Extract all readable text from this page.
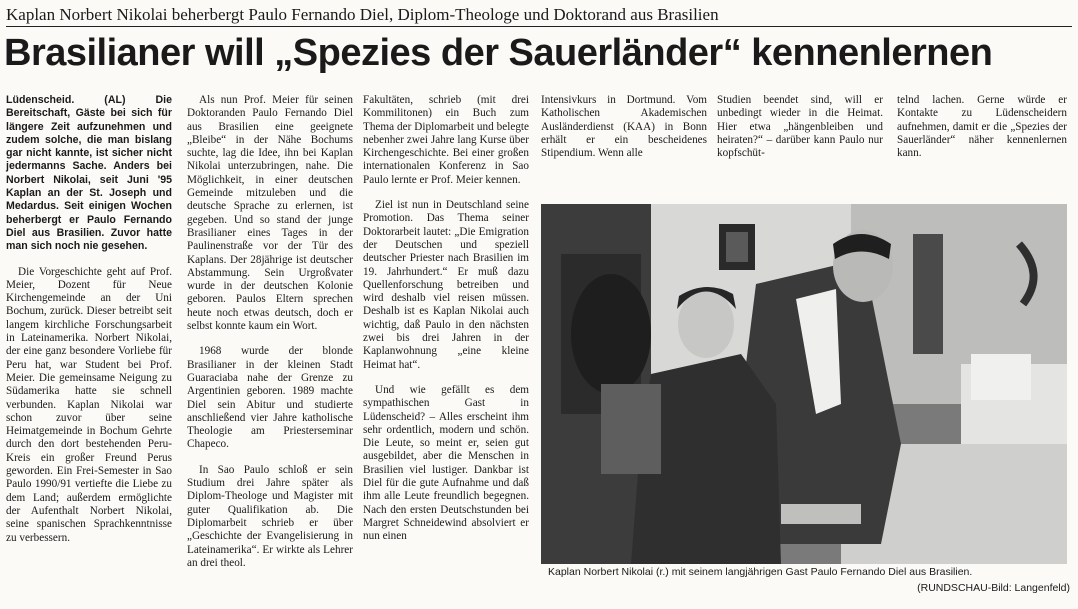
Kaplan Norbert Nikolai beherbergt Paulo Fernando Diel, Diplom-Theologe und Doktorand aus Brasilien
Brasilianer will „Spezies der Sauerländer“ kennenlernen

Lüdenscheid. (AL) Die Bereitschaft, Gäste bei sich für längere Zeit aufzunehmen und zudem solche, die man bislang gar nicht kannte, ist sicher nicht jedermanns Sache. Anders bei Norbert Nikolai, seit Juni '95 Kaplan an der St. Joseph und Medardus. Seit einigen Wochen beherbergt er Paulo Fernando Diel aus Brasilien. Zuvor hatte man sich noch nie gesehen.

Die Vorgeschichte geht auf Prof. Meier, Dozent für Neue Kirchengemeinde an der Uni Bochum, zurück. Dieser betreibt seit langem kirchliche Forschungsarbeit in Lateinamerika. Norbert Nikolai, der eine ganz besondere Vorliebe für Peru hat, war Student bei Prof. Meier. Die gemeinsame Neigung zu Südamerika hatte sie schnell verbunden. Kaplan Nikolai war schon zuvor über seine Heimatgemeinde in Bochum Gehrte durch den dort bestehenden Peru-Kreis ein großer Freund Perus geworden. Ein Frei-Semester in Sao Paulo 1990/91 vertiefte die Liebe zu dem Land; außerdem ermöglichte der Aufenthalt Norbert Nikolai, seine spanischen Sprachkenntnisse zu verbessern.

Als nun Prof. Meier für seinen Doktoranden Paulo Fernando Diel aus Brasilien eine geeignete „Bleibe“ in der Nähe Bochums suchte, lag die Idee, ihn bei Kaplan Nikolai unterzubringen, nahe. Die Möglichkeit, in einer deutschen Gemeinde mitzuleben und die deutsche Sprache zu erlernen, ist gegeben. Und so stand der junge Brasilianer eines Tages in der Paulinenstraße vor der Tür des Kaplans. Der 28jährige ist deutscher Abstammung. Sein Urgroßvater wurde in der deutschen Kolonie geboren. Paulos Eltern sprechen heute noch etwas deutsch, doch er selbst konnte kaum ein Wort.

1968 wurde der blonde Brasilianer in der kleinen Stadt Guaraciaba nahe der Grenze zu Argentinien geboren. 1989 machte Diel sein Abitur und studierte anschließend vier Jahre katholische Theologie am Priesterseminar Chapeco.

In Sao Paulo schloß er sein Studium drei Jahre später als Diplom-Theologe und Magister mit guter Qualifikation ab. Die Diplomarbeit schrieb er über „Geschichte der Evangelisierung in Lateinamerika“. Er wirkte als Lehrer an drei theol.

Fakultäten, schrieb (mit drei Kommilitonen) ein Buch zum Thema der Diplomarbeit und belegte nebenher zwei Jahre lang Kurse über Kirchengeschichte. Bei einer großen internationalen Konferenz in Sao Paulo lernte er Prof. Meier kennen.

Ziel ist nun in Deutschland seine Promotion. Das Thema seiner Doktorarbeit lautet: „Die Emigration der Deutschen und speziell deutscher Priester nach Brasilien im 19. Jahrhundert.“ Er muß dazu Quellenforschung betreiben und wird deshalb viel reisen müssen. Deshalb ist es Kaplan Nikolai auch wichtig, daß Paulo in den nächsten zwei bis drei Jahren in der Kaplanwohnung „eine kleine Heimat hat“.

Und wie gefällt es dem sympathischen Gast in Lüdenscheid? – Alles erscheint ihm sehr ordentlich, modern und schön. Die Leute, so meint er, seien gut ausgebildet, aber die Menschen in Brasilien viel lustiger. Dankbar ist Diel für die gute Aufnahme und daß ihm alle Leute freundlich begegnen. Nach den ersten Deutschstunden bei Margret Schneidewind absolviert er nun einen

Intensivkurs in Dortmund. Vom Katholischen Akademischen Ausländerdienst (KAA) in Bonn erhält er ein bescheidenes Stipendium. Wenn alle

Studien beendet sind, will er unbedingt wieder in die Heimat. Hier etwa „hängenbleiben und heiraten?“ – darüber kann Paulo nur kopfschüt-

telnd lachen. Gerne würde er Kontakte zu Lüdenscheidern aufnehmen, damit er die „Spezies der Sauerländer“ näher kennenlernen kann.

Kaplan Norbert Nikolai (r.) mit seinem langjährigen Gast Paulo Fernando Diel aus Brasilien.
(RUNDSCHAU-Bild: Langenfeld)
